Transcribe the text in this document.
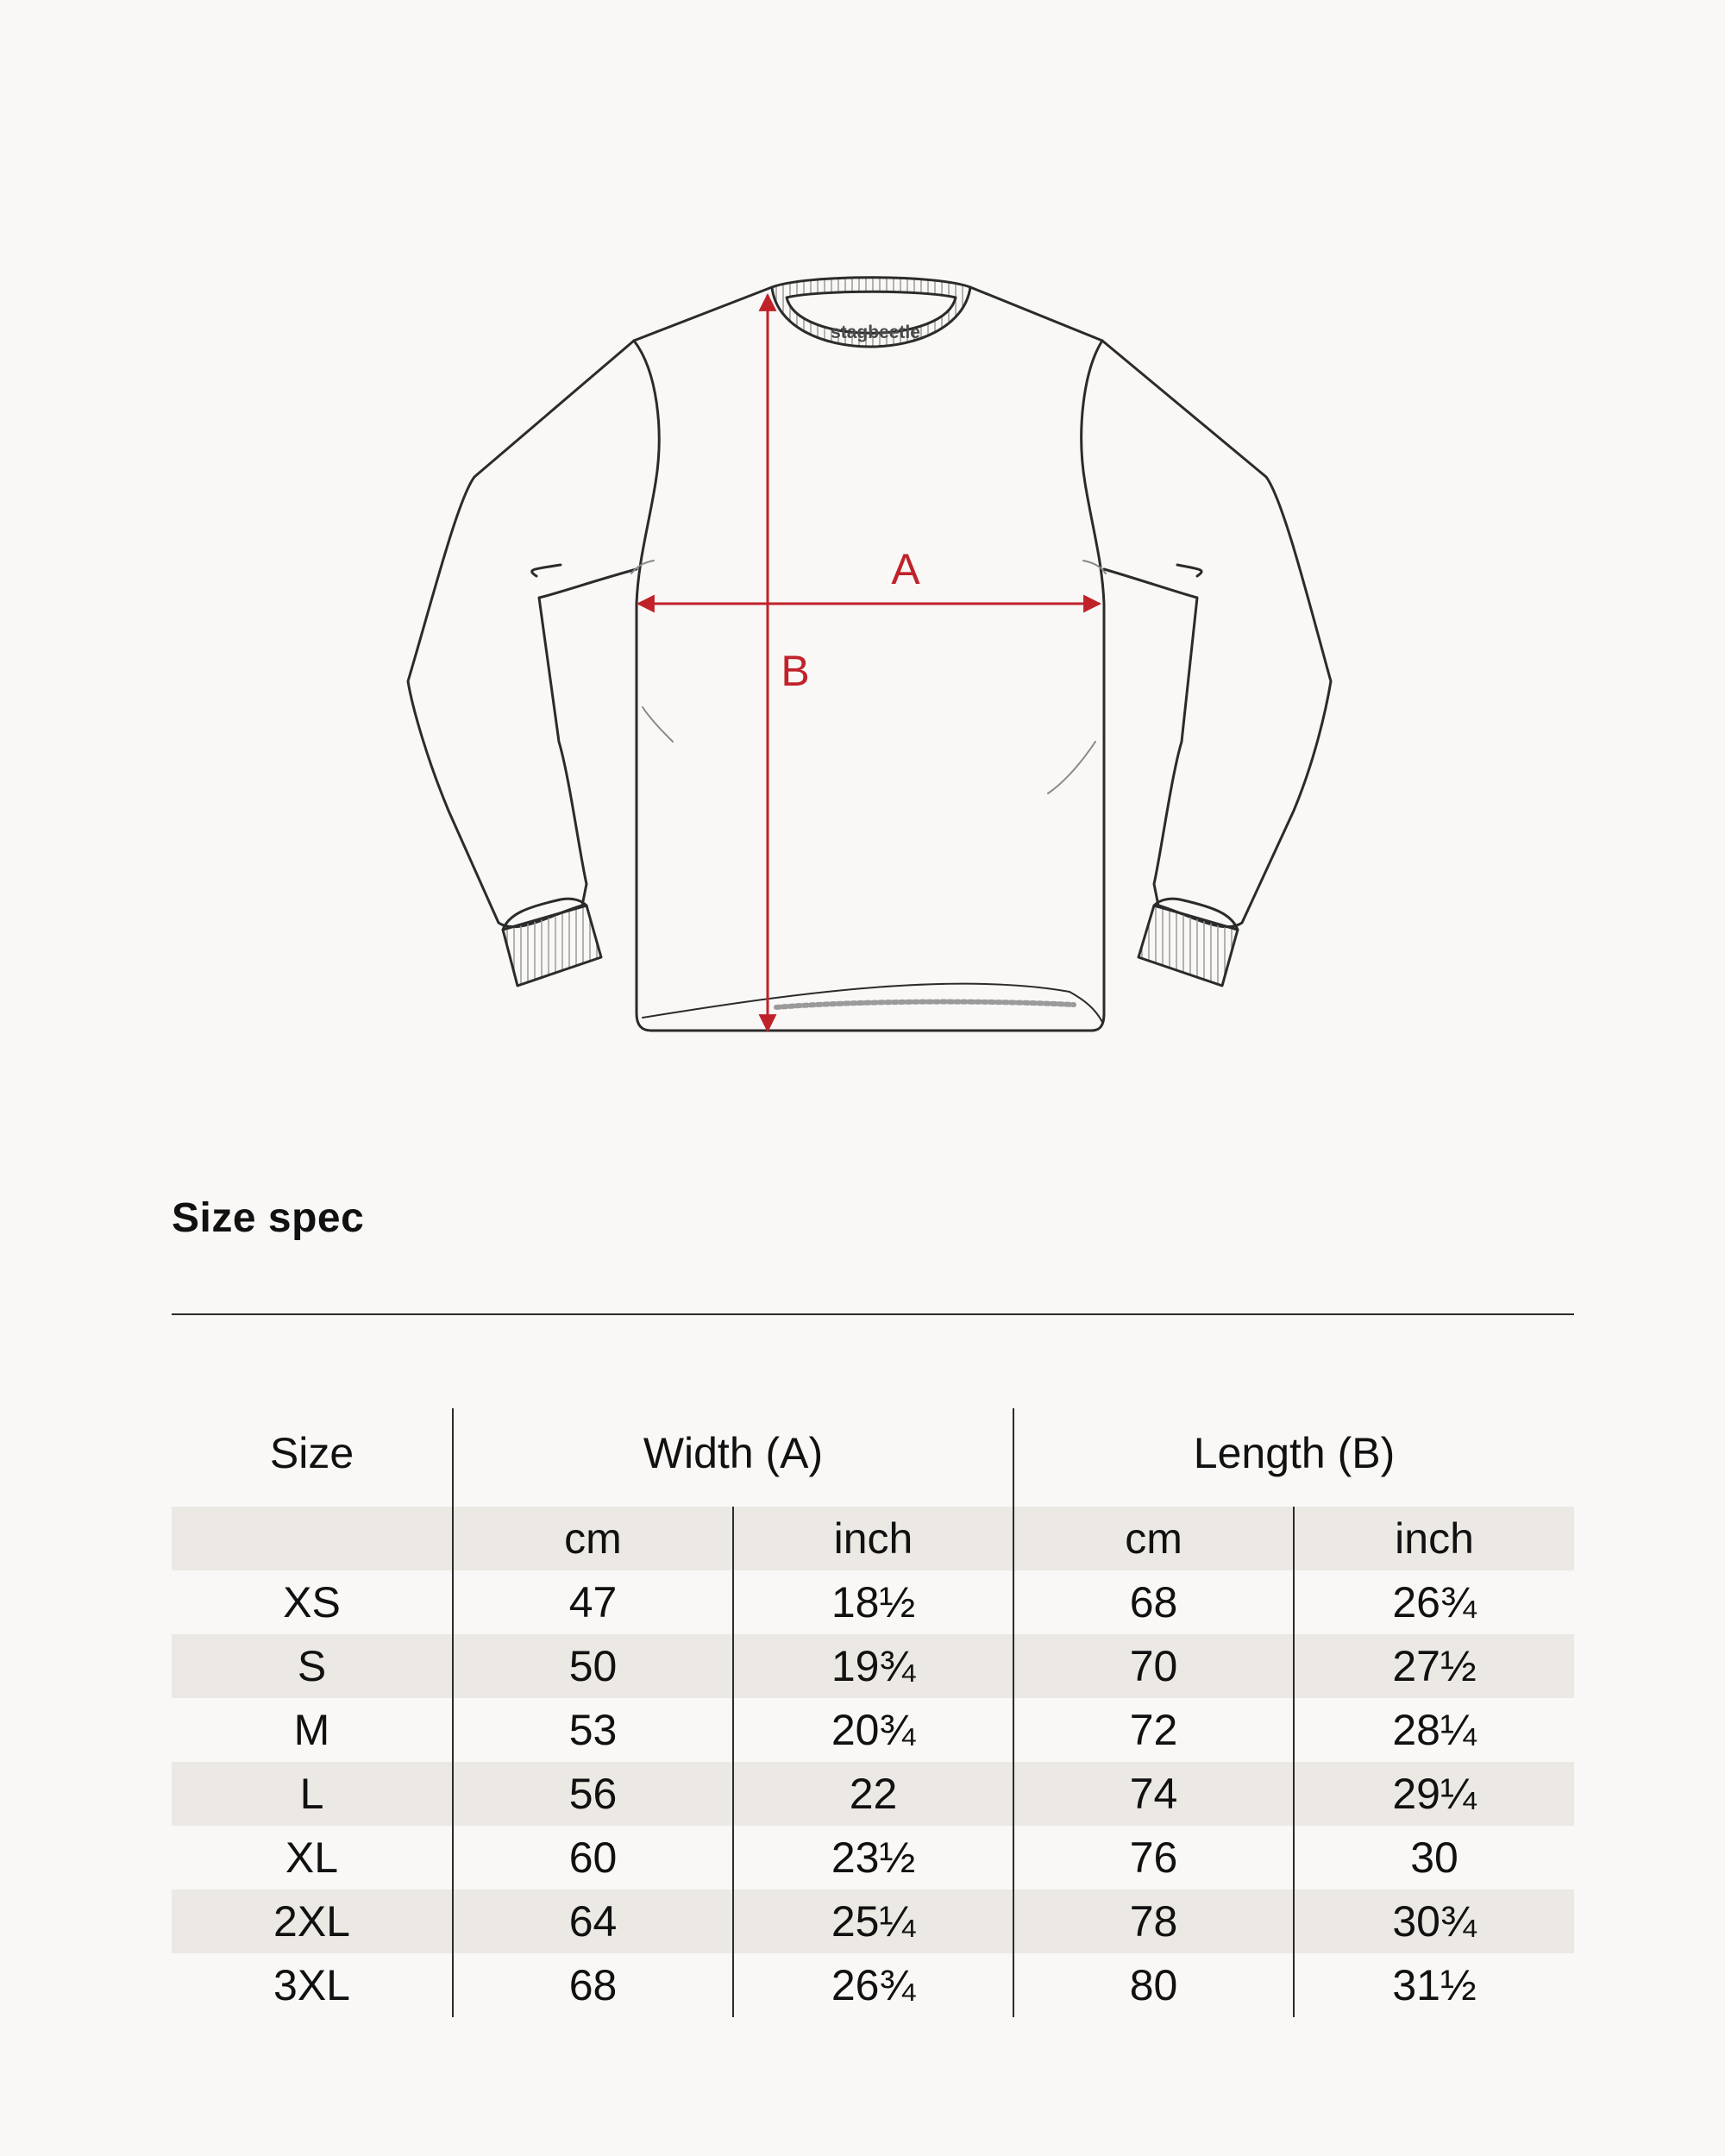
stagbeetle
A
B
Size spec
Size	Width (A)		Length (B)	
	cm	inch	cm	inch
XS	47	18½	68	26¾
S	50	19¾	70	27½
M	53	20¾	72	28¼
L	56	22	74	29¼
XL	60	23½	76	30
2XL	64	25¼	78	30¾
3XL	68	26¾	80	31½
